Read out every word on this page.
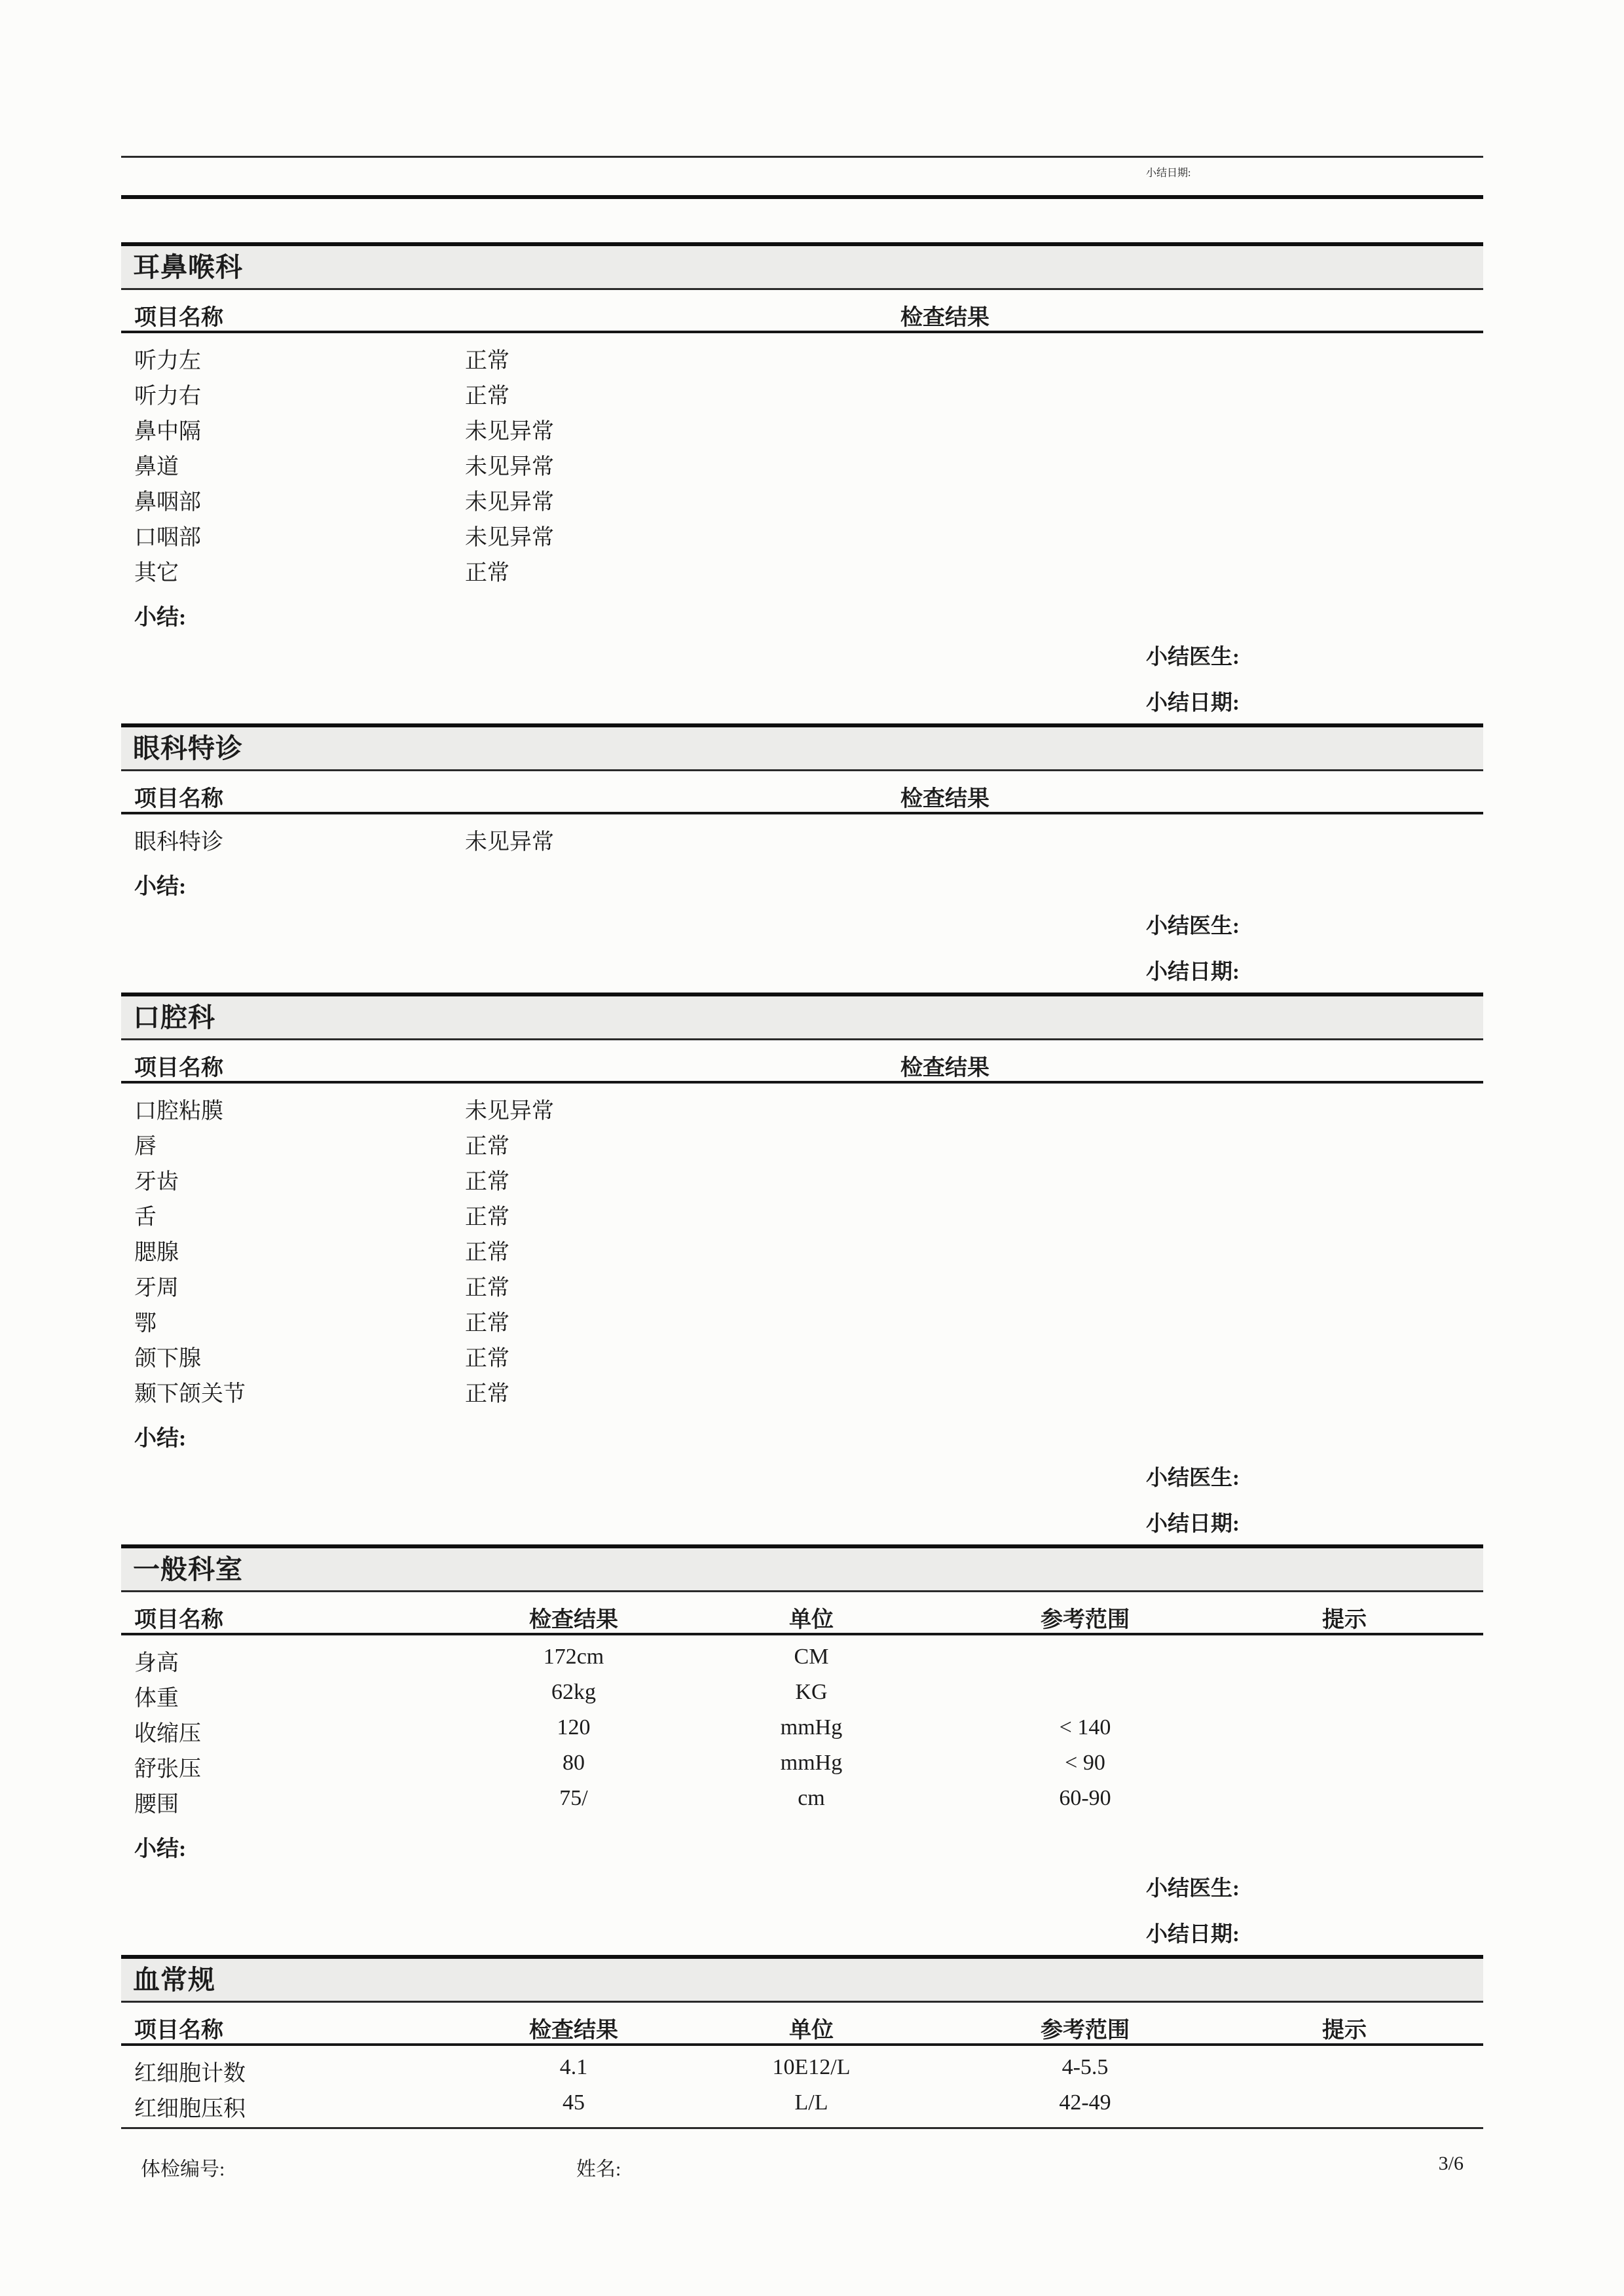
小结日期:
耳鼻喉科
项目名称	检查结果
听力左	正常
听力右	正常
鼻中隔	未见异常
鼻道	未见异常
鼻咽部	未见异常
口咽部	未见异常
其它	正常
小结:
小结医生:
小结日期:
眼科特诊
项目名称	检查结果
眼科特诊	未见异常
小结:
小结医生:
小结日期:
口腔科
项目名称	检查结果
口腔粘膜	未见异常
唇	正常
牙齿	正常
舌	正常
腮腺	正常
牙周	正常
鄂	正常
颌下腺	正常
颞下颌关节	正常
小结:
小结医生:
小结日期:
一般科室
项目名称	检查结果	单位	参考范围	提示
身高	172cm	CM
体重	62kg	KG
收缩压	120	mmHg	< 140
舒张压	80	mmHg	< 90
腰围	75/	cm	60-90
小结:
小结医生:
小结日期:
血常规
项目名称	检查结果	单位	参考范围	提示
红细胞计数	4.1	10E12/L	4-5.5
红细胞压积	45	L/L	42-49
体检编号:	姓名:	3/6
